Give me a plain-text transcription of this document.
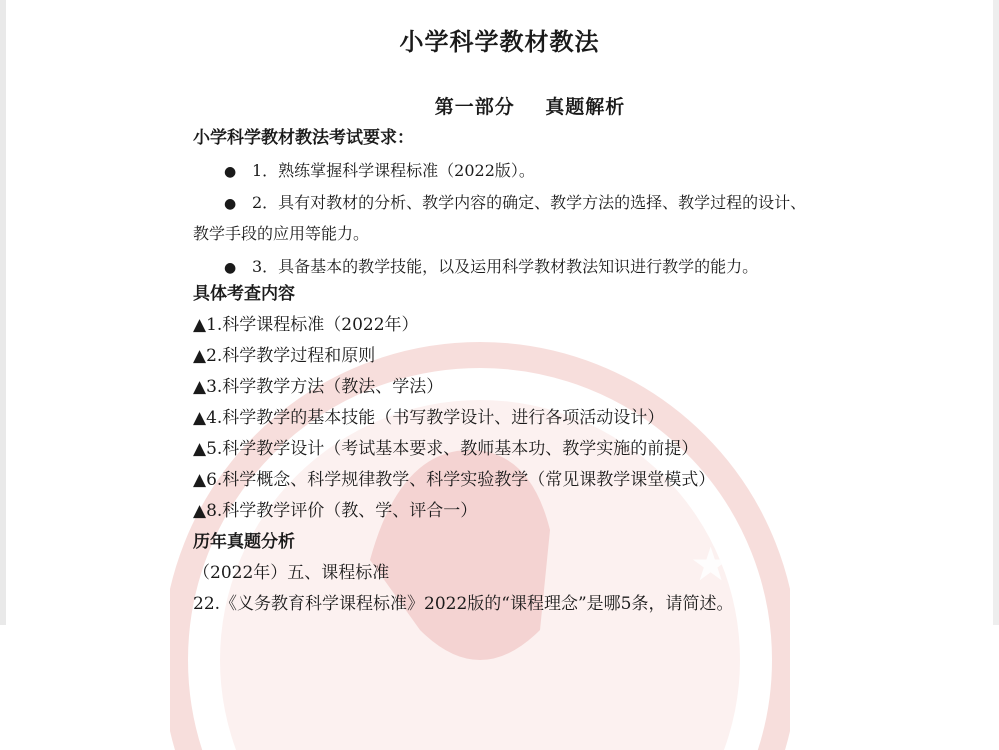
★
小学科学教材教法
第一部分    真题解析
小学科学教材教法考试要求：
● 1．熟练掌握科学课程标准（2022版）。
● 2．具有对教材的分析、教学内容的确定、教学方法的选择、教学过程的设计、
教学手段的应用等能力。
● 3．具备基本的教学技能，以及运用科学教材教法知识进行教学的能力。
具体考查内容
▲1.科学课程标准（2022年）
▲2.科学教学过程和原则
▲3.科学教学方法（教法、学法）
▲4.科学教学的基本技能（书写教学设计、进行各项活动设计）
▲5.科学教学设计（考试基本要求、教师基本功、教学实施的前提）
▲6.科学概念、科学规律教学、科学实验教学（常见课教学课堂模式）
▲8.科学教学评价（教、学、评合一）
历年真题分析
（2022年）五、课程标准
22.《义务教育科学课程标准》2022版的“课程理念”是哪5条，请简述。
